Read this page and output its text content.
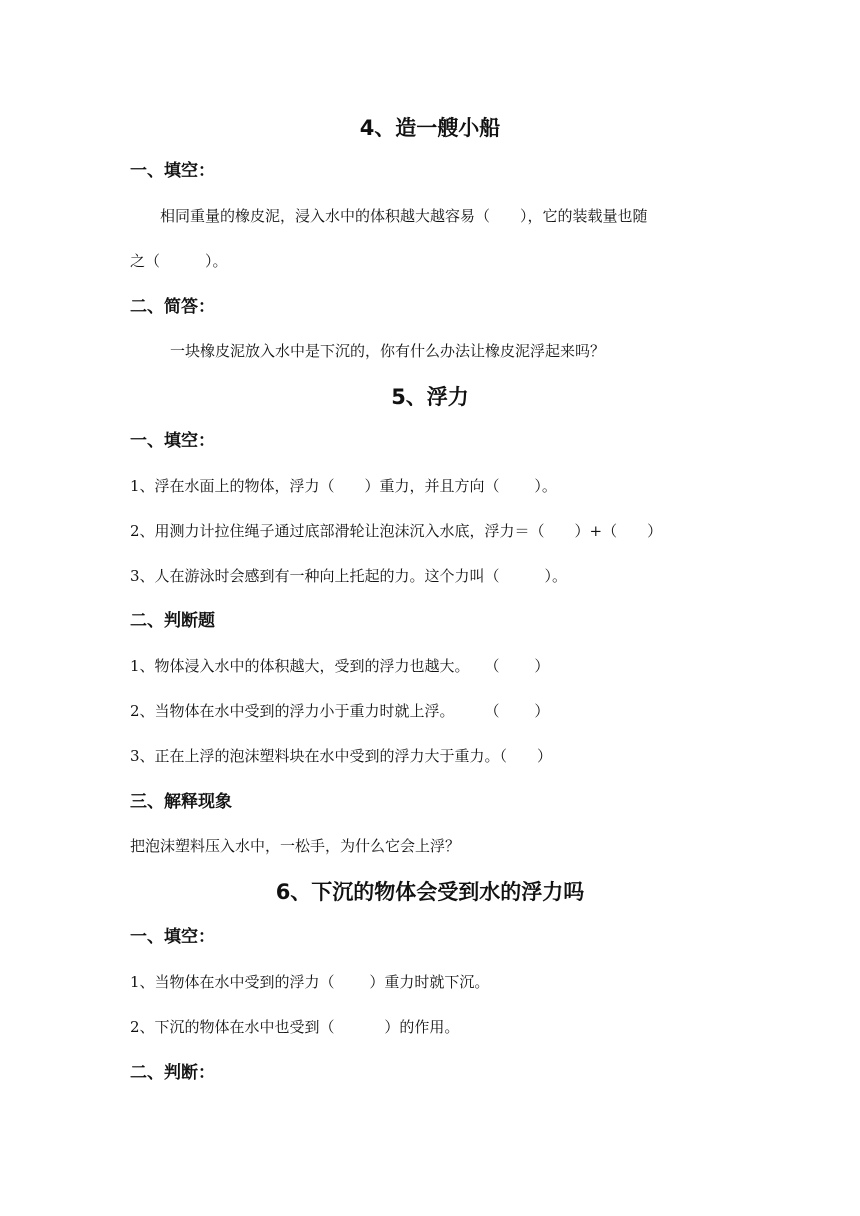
4、造一艘小船
一、填空：
相同重量的橡皮泥，浸入水中的体积越大越容易（　　），它的装载量也随
之（　　　）。
二、简答：
一块橡皮泥放入水中是下沉的，你有什么办法让橡皮泥浮起来吗？
5、浮力
一、填空：
1、浮在水面上的物体，浮力（　　）重力，并且方向（　　 ）。
2、用测力计拉住绳子通过底部滑轮让泡沫沉入水底，浮力＝（　　）+（　　）
3、人在游泳时会感到有一种向上托起的力。这个力叫（　　　）。
二、判断题
1、物体浸入水中的体积越大，受到的浮力也越大。　　（　　 ）
2、当物体在水中受到的浮力小于重力时就上浮。　　　（　　 ）
3、正在上浮的泡沫塑料块在水中受到的浮力大于重力。（　　）
三、解释现象
把泡沫塑料压入水中，一松手，为什么它会上浮？
6、下沉的物体会受到水的浮力吗
一、填空：
1、当物体在水中受到的浮力（　　 ）重力时就下沉。
2、下沉的物体在水中也受到（　　　 ）的作用。
二、判断：
